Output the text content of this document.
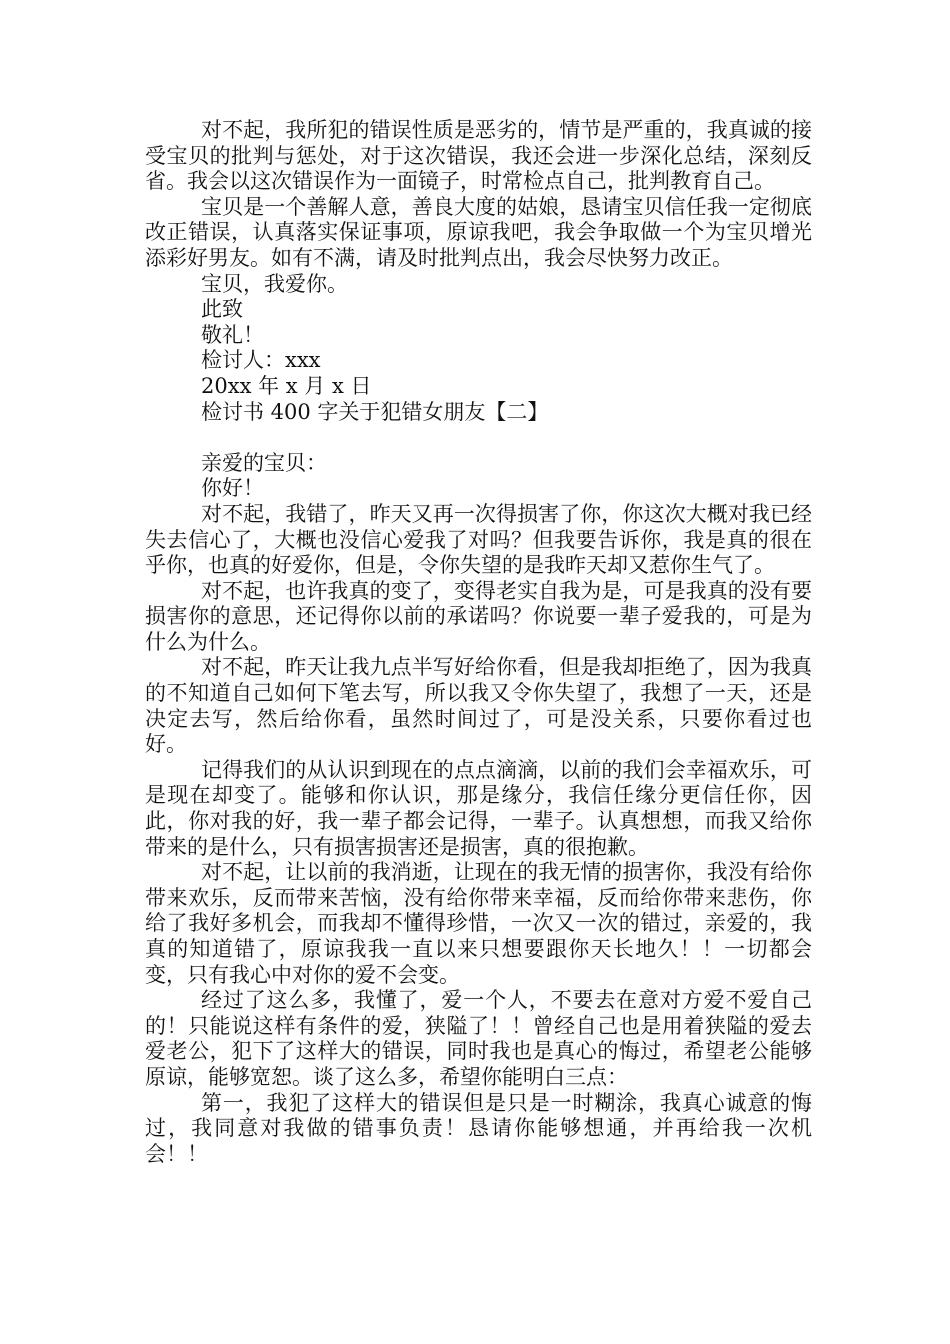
对不起，我所犯的错误性质是恶劣的，情节是严重的，我真诚的接受宝贝的批判与惩处，对于这次错误，我还会进一步深化总结，深刻反省。我会以这次错误作为一面镜子，时常检点自己，批判教育自己。

宝贝是一个善解人意，善良大度的姑娘，恳请宝贝信任我一定彻底改正错误，认真落实保证事项，原谅我吧，我会争取做一个为宝贝增光添彩好男友。如有不满，请及时批判点出，我会尽快努力改正。

宝贝，我爱你。

此致

敬礼！

检讨人：xxx

20xx 年 x 月 x 日

检讨书 400 字关于犯错女朋友【二】

亲爱的宝贝：

你好！

对不起，我错了，昨天又再一次得损害了你，你这次大概对我已经失去信心了，大概也没信心爱我了对吗？但我要告诉你，我是真的很在乎你，也真的好爱你，但是，令你失望的是我昨天却又惹你生气了。

对不起，也许我真的变了，变得老实自我为是，可是我真的没有要损害你的意思，还记得你以前的承诺吗？你说要一辈子爱我的，可是为什么为什么。

对不起，昨天让我九点半写好给你看，但是我却拒绝了，因为我真的不知道自己如何下笔去写，所以我又令你失望了，我想了一天，还是决定去写，然后给你看，虽然时间过了，可是没关系，只要你看过也好。

记得我们的从认识到现在的点点滴滴，以前的我们会幸福欢乐，可是现在却变了。能够和你认识，那是缘分，我信任缘分更信任你，因此，你对我的好，我一辈子都会记得，一辈子。认真想想，而我又给你带来的是什么，只有损害损害还是损害，真的很抱歉。

对不起，让以前的我消逝，让现在的我无情的损害你，我没有给你带来欢乐，反而带来苦恼，没有给你带来幸福，反而给你带来悲伤，你给了我好多机会，而我却不懂得珍惜，一次又一次的错过，亲爱的，我真的知道错了，原谅我我一直以来只想要跟你天长地久！！一切都会变，只有我心中对你的爱不会变。

经过了这么多，我懂了，爱一个人，不要去在意对方爱不爱自己的！只能说这样有条件的爱，狭隘了！！曾经自己也是用着狭隘的爱去爱老公，犯下了这样大的错误，同时我也是真心的悔过，希望老公能够原谅，能够宽恕。谈了这么多，希望你能明白三点：

第一，我犯了这样大的错误但是只是一时糊涂，我真心诚意的悔过，我同意对我做的错事负责！恳请你能够想通，并再给我一次机会！！
